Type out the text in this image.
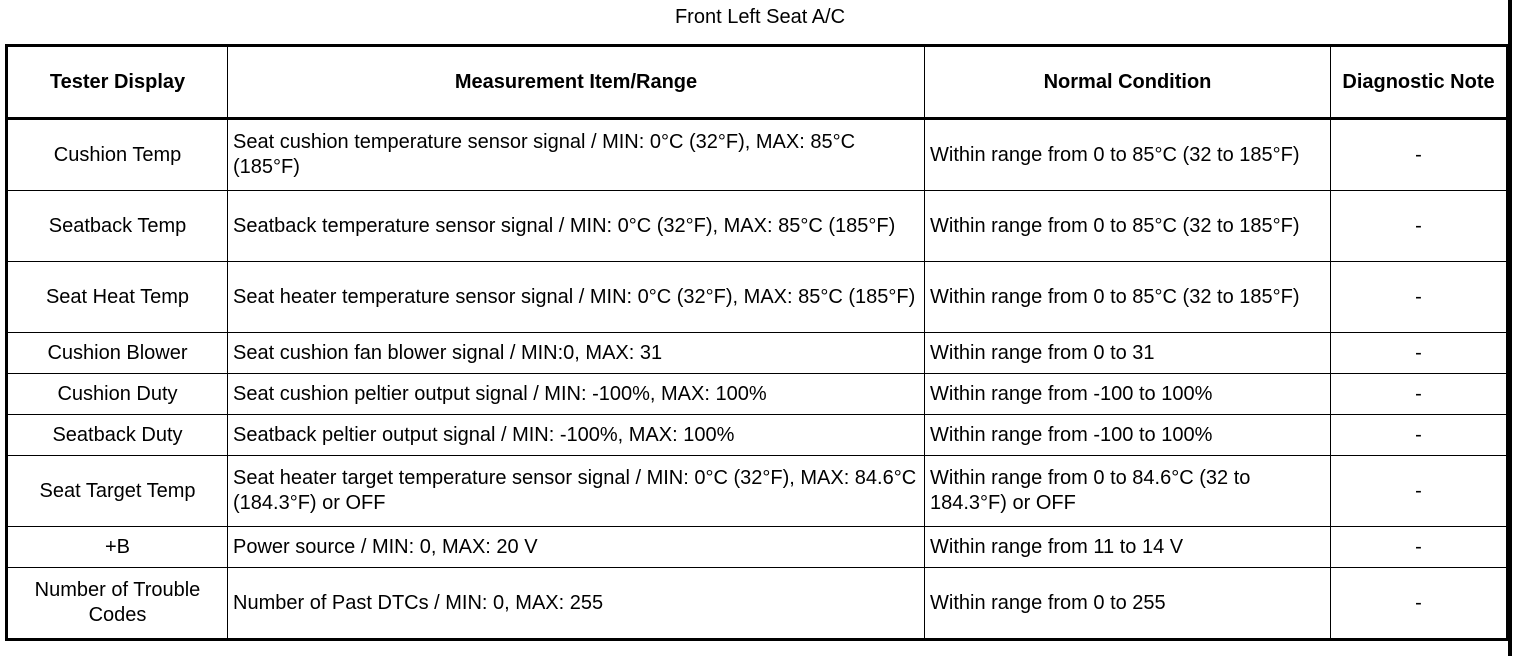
Front Left Seat A/C
Tester Display	Measurement Item/Range	Normal Condition	Diagnostic Note
Cushion Temp	Seat cushion temperature sensor signal / MIN: 0°C (32°F), MAX: 85°C (185°F)	Within range from 0 to 85°C (32 to 185°F)	-
Seatback Temp	Seatback temperature sensor signal / MIN: 0°C (32°F), MAX: 85°C (185°F)	Within range from 0 to 85°C (32 to 185°F)	-
Seat Heat Temp	Seat heater temperature sensor signal / MIN: 0°C (32°F), MAX: 85°C (185°F)	Within range from 0 to 85°C (32 to 185°F)	-
Cushion Blower	Seat cushion fan blower signal / MIN:0, MAX: 31	Within range from 0 to 31	-
Cushion Duty	Seat cushion peltier output signal / MIN: -100%, MAX: 100%	Within range from -100 to 100%	-
Seatback Duty	Seatback peltier output signal / MIN: -100%, MAX: 100%	Within range from -100 to 100%	-
Seat Target Temp	Seat heater target temperature sensor signal / MIN: 0°C (32°F), MAX: 84.6°C (184.3°F) or OFF	Within range from 0 to 84.6°C (32 to 184.3°F) or OFF	-
+B	Power source / MIN: 0, MAX: 20 V	Within range from 11 to 14 V	-
Number of Trouble Codes	Number of Past DTCs / MIN: 0, MAX: 255	Within range from 0 to 255	-
